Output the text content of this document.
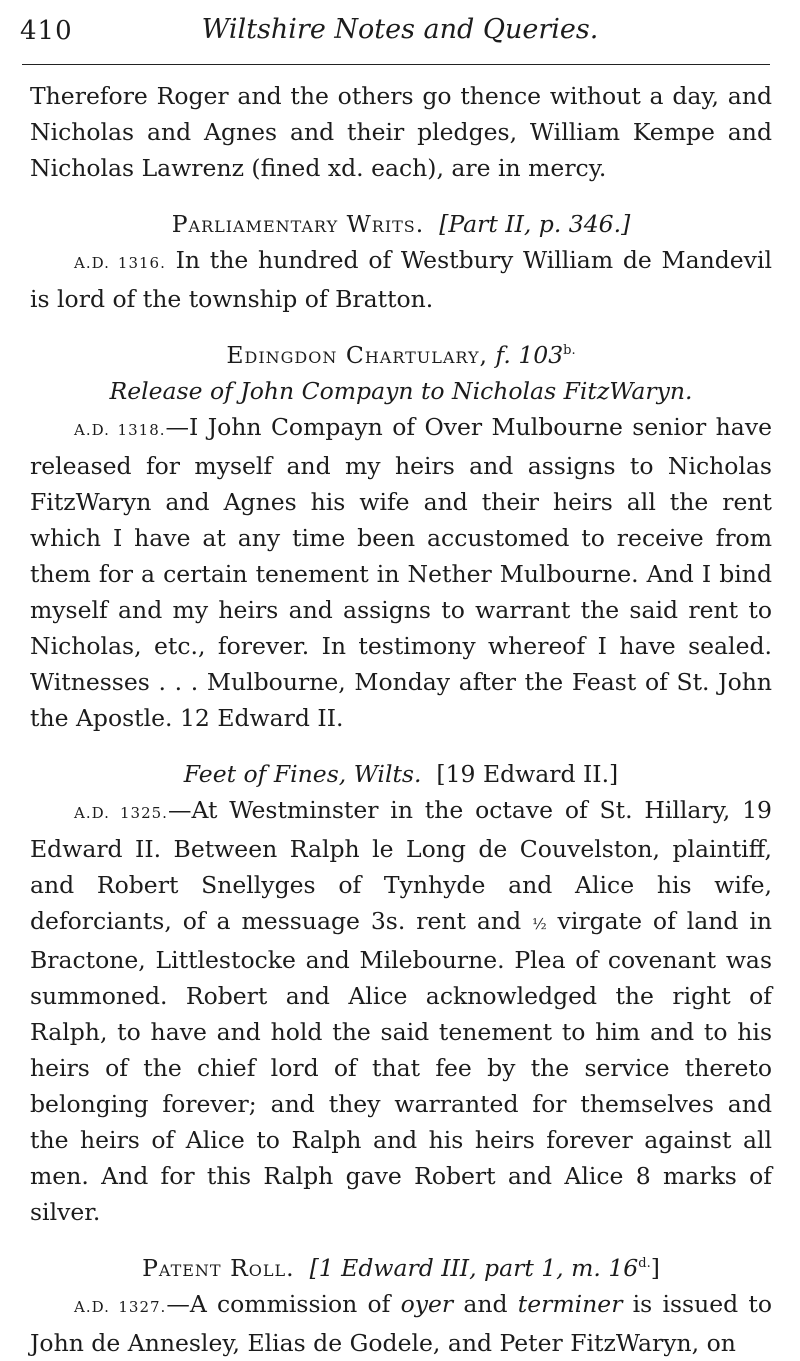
410	Wiltshire Notes and Queries.

Therefore Roger and the others go thence without a day, and Nicholas and Agnes and their pledges, William Kempe and Nicholas Lawrenz (fined xd. each), are in mercy.

Parliamentary Writs. [Part II, p. 346.]

A.D. 1316. In the hundred of Westbury William de Mandevil is lord of the township of Bratton.

Edingdon Chartulary, f. $103^{b.}$
Release of John Compayn to Nicholas FitzWaryn.

A.D. 1318.—I John Compayn of Over Mulbourne senior have released for myself and my heirs and assigns to Nicholas FitzWaryn and Agnes his wife and their heirs all the rent which I have at any time been accustomed to receive from them for a certain tenement in Nether Mulbourne. And I bind myself and my heirs and assigns to warrant the said rent to Nicholas, etc., forever. In testimony whereof I have sealed. Witnesses . . . Mulbourne, Monday after the Feast of St. John the Apostle. 12 Edward II.

Feet of Fines, Wilts. [19 Edward II.]

A.D. 1325.—At Westminster in the octave of St. Hillary, 19 Edward II. Between Ralph le Long de Couvelston, plaintiff, and Robert Snellyges of Tynhyde and Alice his wife, deforciants, of a messuage 3s. rent and ½ virgate of land in Bractone, Littlestocke and Milebourne. Plea of covenant was summoned. Robert and Alice acknowledged the right of Ralph, to have and hold the said tenement to him and to his heirs of the chief lord of that fee by the service thereto belonging forever; and they warranted for themselves and the heirs of Alice to Ralph and his heirs forever against all men. And for this Ralph gave Robert and Alice 8 marks of silver.

Patent Roll. [1 Edward III, part 1, m. $16^{d.}$]

A.D. 1327.—A commission of oyer and terminer is issued to John de Annesley, Elias de Godele, and Peter FitzWaryn, on
